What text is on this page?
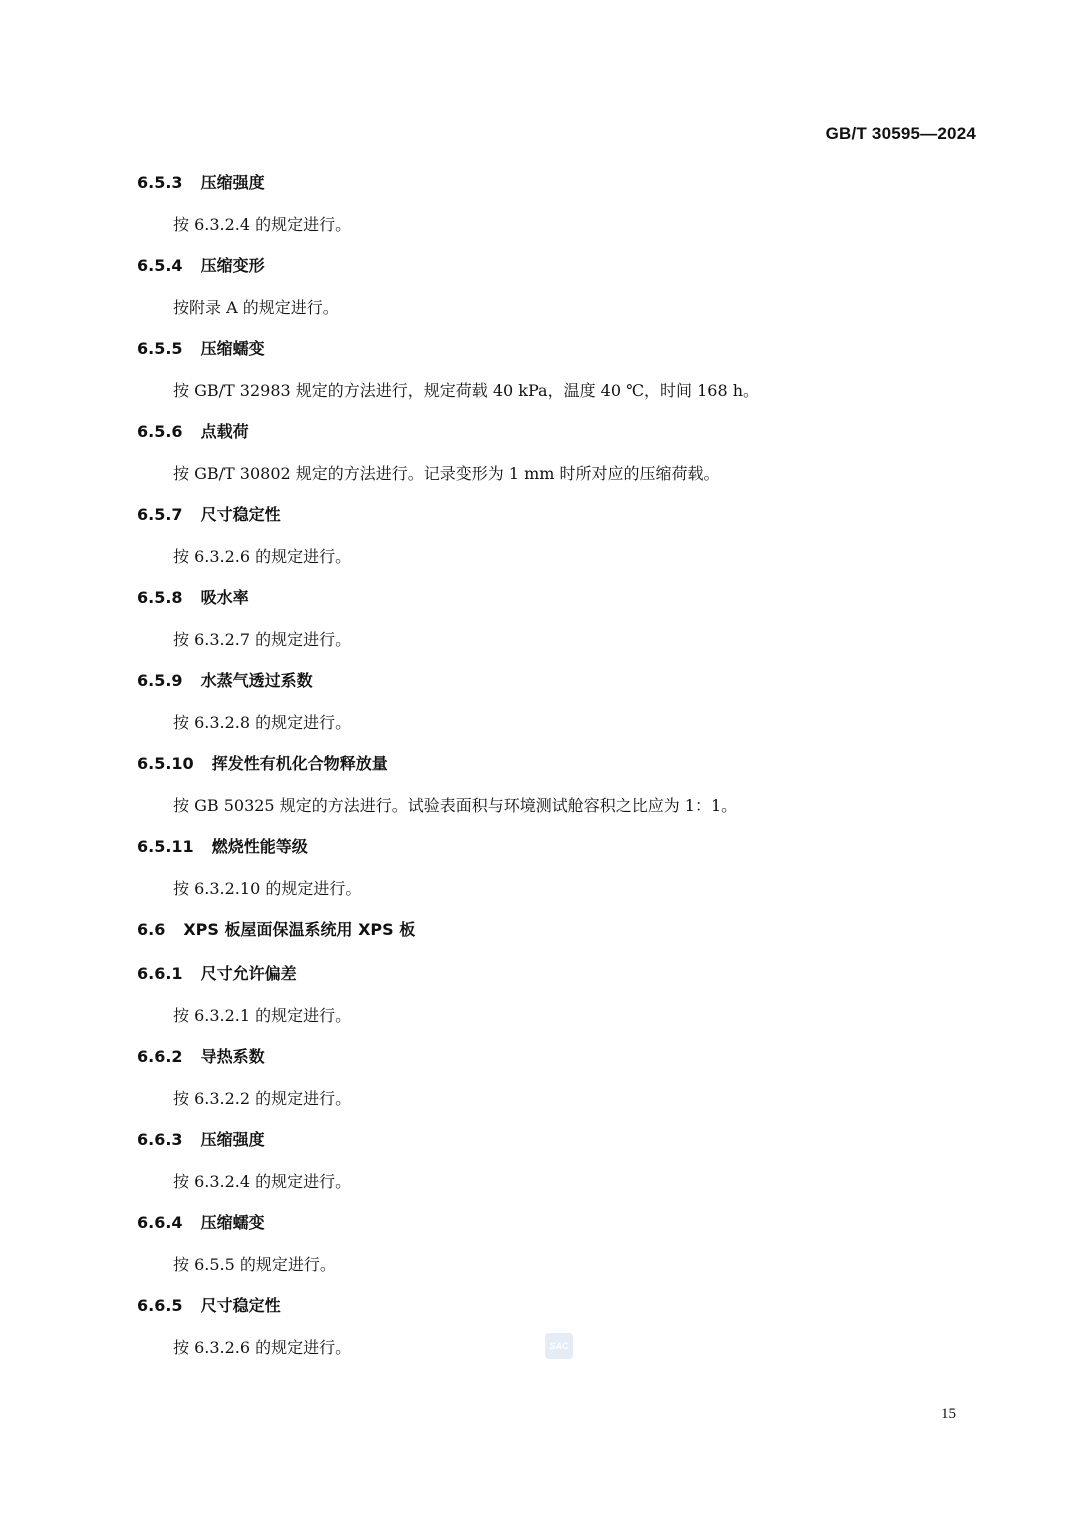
GB/T 30595—2024
6.5.3 压缩强度
按 6.3.2.4 的规定进行。
6.5.4 压缩变形
按附录 A 的规定进行。
6.5.5 压缩蠕变
按 GB/T 32983 规定的方法进行，规定荷载 40 kPa，温度 40 ℃，时间 168 h。
6.5.6 点载荷
按 GB/T 30802 规定的方法进行。记录变形为 1 mm 时所对应的压缩荷载。
6.5.7 尺寸稳定性
按 6.3.2.6 的规定进行。
6.5.8 吸水率
按 6.3.2.7 的规定进行。
6.5.9 水蒸气透过系数
按 6.3.2.8 的规定进行。
6.5.10 挥发性有机化合物释放量
按 GB 50325 规定的方法进行。试验表面积与环境测试舱容积之比应为 1：1。
6.5.11 燃烧性能等级
按 6.3.2.10 的规定进行。
6.6 XPS 板屋面保温系统用 XPS 板
6.6.1 尺寸允许偏差
按 6.3.2.1 的规定进行。
6.6.2 导热系数
按 6.3.2.2 的规定进行。
6.6.3 压缩强度
按 6.3.2.4 的规定进行。
6.6.4 压缩蠕变
按 6.5.5 的规定进行。
6.6.5 尺寸稳定性
按 6.3.2.6 的规定进行。	SAC
15
